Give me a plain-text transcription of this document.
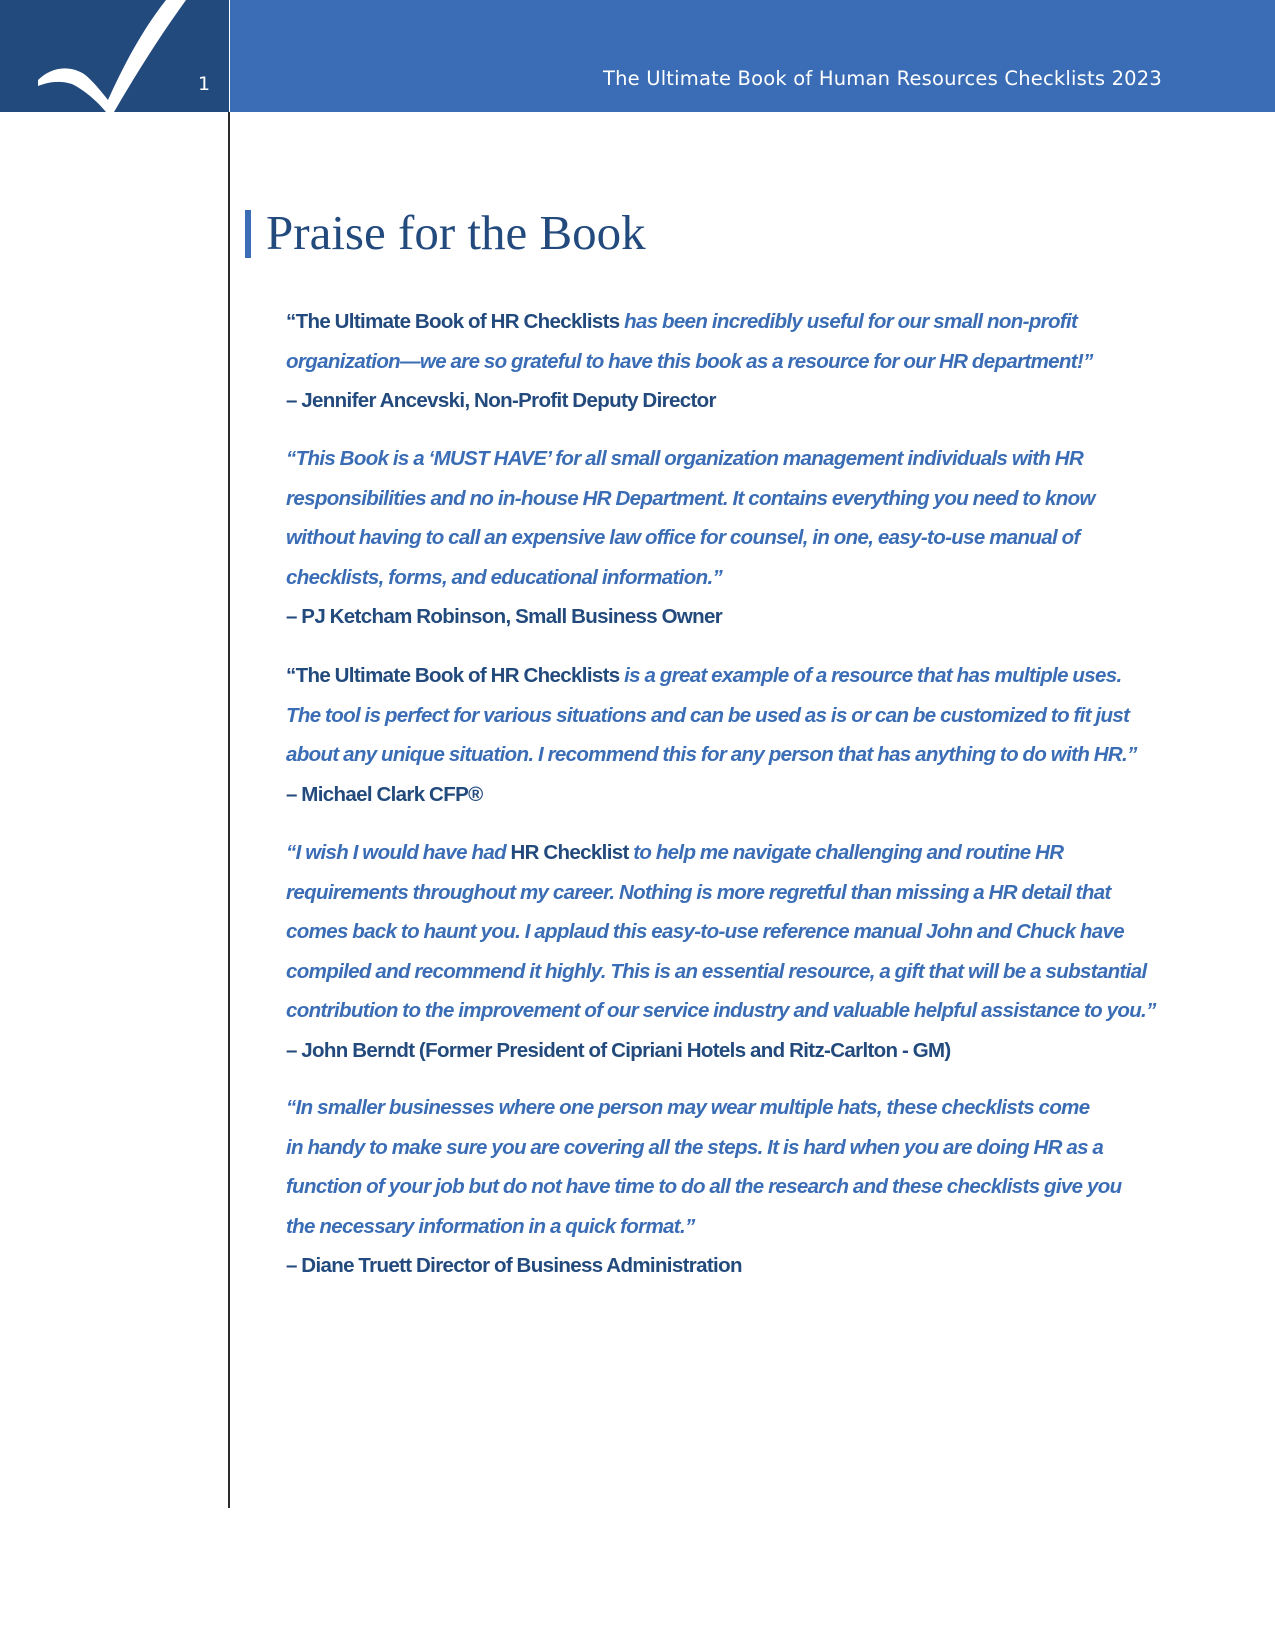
1	The Ultimate Book of Human Resources Checklists 2023
Praise for the Book

“The Ultimate Book of HR Checklists has been incredibly useful for our small non-profit

organization—we are so grateful to have this book as a resource for our HR department!”

– Jennifer Ancevski, Non-Profit Deputy Director

“This Book is a ‘MUST HAVE’ for all small organization management individuals with HR

responsibilities and no in-house HR Department. It contains everything you need to know

without having to call an expensive law office for counsel, in one, easy-to-use manual of

checklists, forms, and educational information.”

– PJ Ketcham Robinson, Small Business Owner

“The Ultimate Book of HR Checklists is a great example of a resource that has multiple uses.

The tool is perfect for various situations and can be used as is or can be customized to fit just

about any unique situation. I recommend this for any person that has anything to do with HR.”

– Michael Clark CFP®

“I wish I would have had HR Checklist to help me navigate challenging and routine HR

requirements throughout my career. Nothing is more regretful than missing a HR detail that

comes back to haunt you. I applaud this easy-to-use reference manual John and Chuck have

compiled and recommend it highly. This is an essential resource, a gift that will be a substantial

contribution to the improvement of our service industry and valuable helpful assistance to you.”

– John Berndt (Former President of Cipriani Hotels and Ritz-Carlton - GM)

“In smaller businesses where one person may wear multiple hats, these checklists come

in handy to make sure you are covering all the steps. It is hard when you are doing HR as a

function of your job but do not have time to do all the research and these checklists give you

the necessary information in a quick format.”

– Diane Truett Director of Business Administration
